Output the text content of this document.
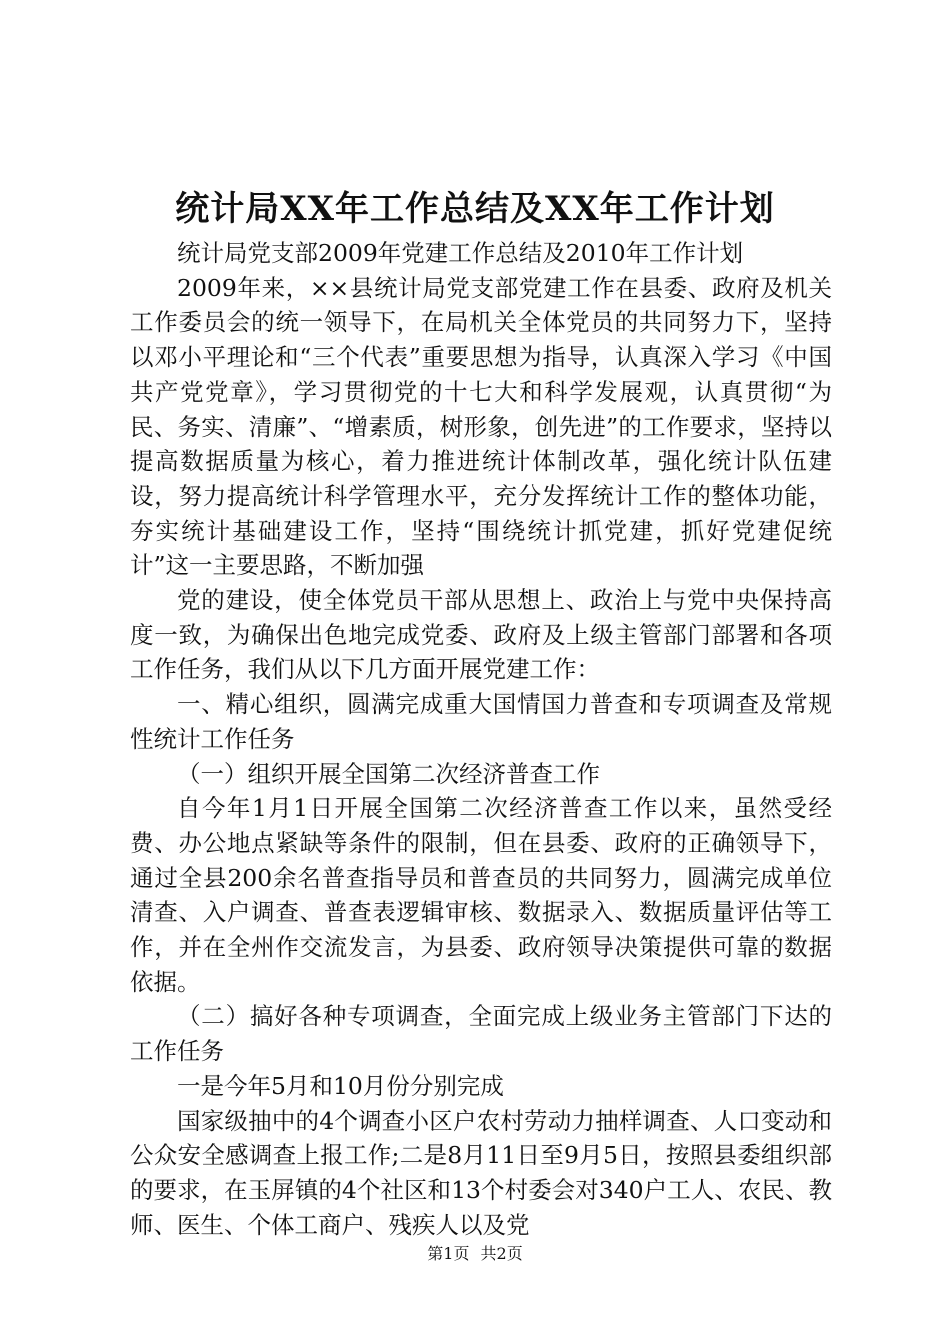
统计局XX年工作总结及XX年工作计划

统计局党支部2009年党建工作总结及2010年工作计划

2009年来，××县统计局党支部党建工作在县委、政府及机关工作委员会的统一领导下，在局机关全体党员的共同努力下，坚持以邓小平理论和“三个代表”重要思想为指导，认真深入学习《中国共产党党章》，学习贯彻党的十七大和科学发展观，认真贯彻“为民、务实、清廉”、“增素质，树形象，创先进”的工作要求，坚持以提高数据质量为核心，着力推进统计体制改革，强化统计队伍建设，努力提高统计科学管理水平，充分发挥统计工作的整体功能，夯实统计基础建设工作，坚持“围绕统计抓党建，抓好党建促统计”这一主要思路，不断加强

党的建设，使全体党员干部从思想上、政治上与党中央保持高度一致，为确保出色地完成党委、政府及上级主管部门部署和各项工作任务，我们从以下几方面开展党建工作：

一、精心组织，圆满完成重大国情国力普查和专项调查及常规性统计工作任务

（一）组织开展全国第二次经济普查工作

自今年1月1日开展全国第二次经济普查工作以来，虽然受经费、办公地点紧缺等条件的限制，但在县委、政府的正确领导下，通过全县200余名普查指导员和普查员的共同努力，圆满完成单位清查、入户调查、普查表逻辑审核、数据录入、数据质量评估等工作，并在全州作交流发言，为县委、政府领导决策提供可靠的数据依据。

（二）搞好各种专项调查，全面完成上级业务主管部门下达的工作任务

一是今年5月和10月份分别完成

国家级抽中的4个调查小区户农村劳动力抽样调查、人口变动和公众安全感调查上报工作;二是8月11日至9月5日，按照县委组织部的要求，在玉屏镇的4个社区和13个村委会对340户工人、农民、教师、医生、个体工商户、残疾人以及党

第1页 共2页
